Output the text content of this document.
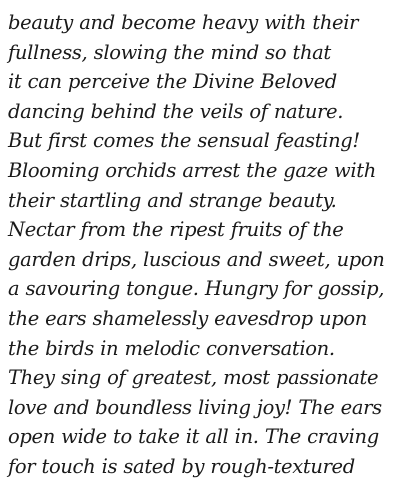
beauty and become heavy with their
fullness, slowing the mind so that
it can perceive the Divine Beloved
dancing behind the veils of nature.
But first comes the sensual feasting!
Blooming orchids arrest the gaze with
their startling and strange beauty.
Nectar from the ripest fruits of the
garden drips, luscious and sweet, upon
a savouring tongue. Hungry for gossip,
the ears shamelessly eavesdrop upon
the birds in melodic conversation.
They sing of greatest, most passionate
love and boundless living joy! The ears
open wide to take it all in. The craving
for touch is sated by rough-textured
